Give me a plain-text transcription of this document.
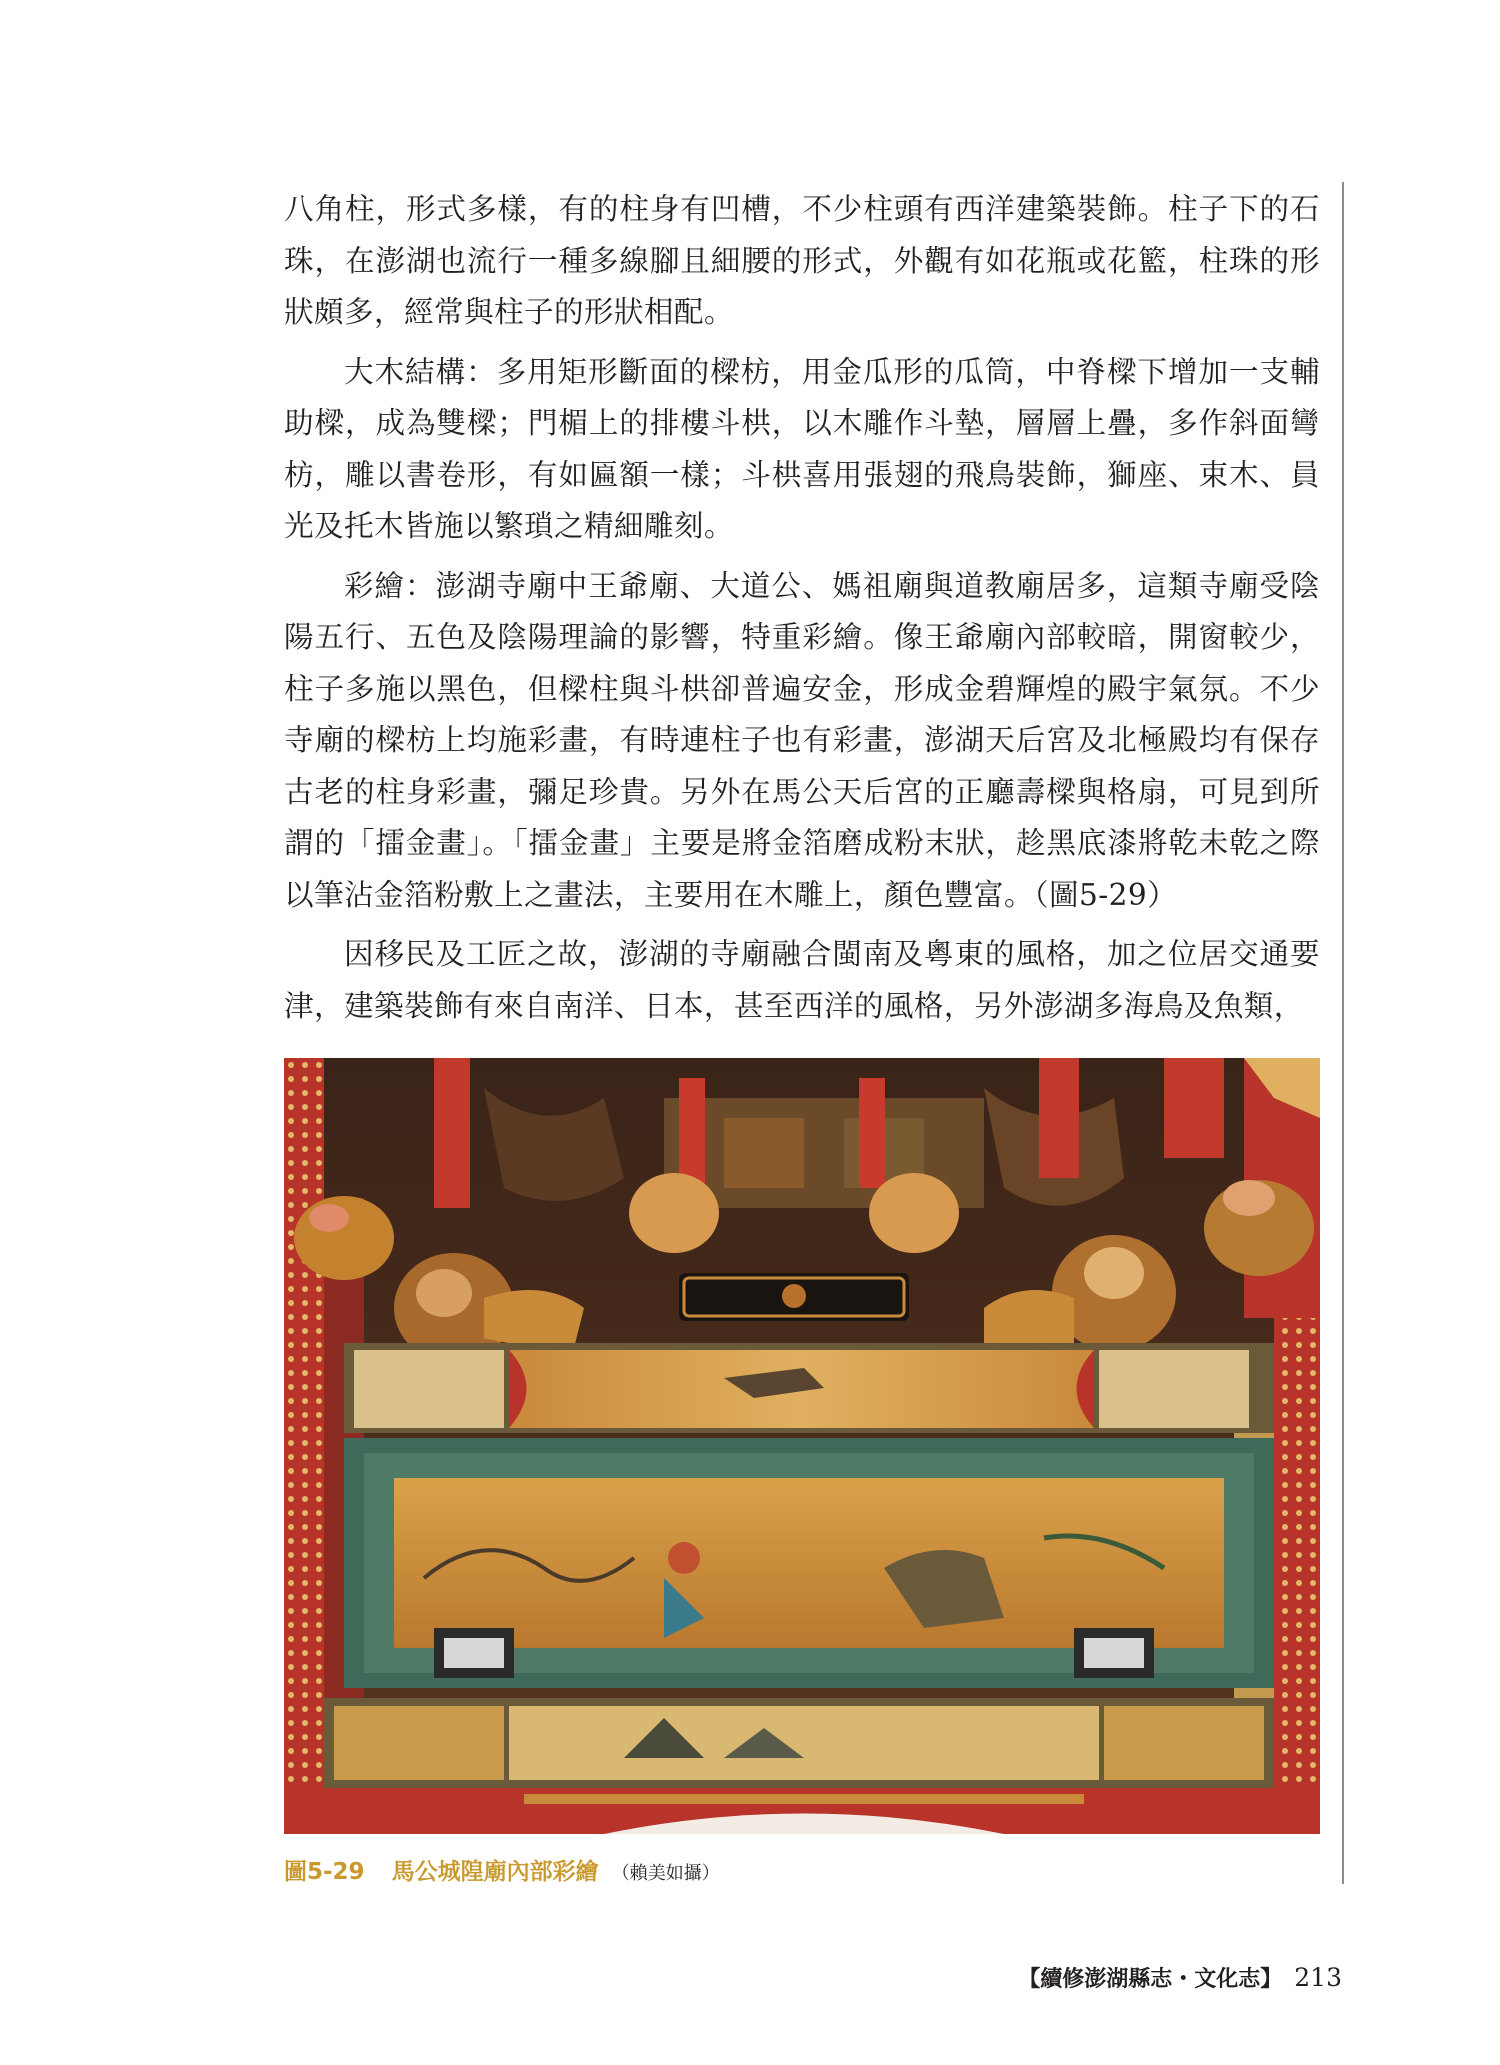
八角柱，形式多樣，有的柱身有凹槽，不少柱頭有西洋建築裝飾。柱子下的石珠，在澎湖也流行一種多線腳且細腰的形式，外觀有如花瓶或花籃，柱珠的形狀頗多，經常與柱子的形狀相配。

大木結構：多用矩形斷面的樑枋，用金瓜形的瓜筒，中脊樑下增加一支輔助樑，成為雙樑；門楣上的排樓斗栱，以木雕作斗墊，層層上疊，多作斜面彎枋，雕以書卷形，有如匾額一樣；斗栱喜用張翅的飛鳥裝飾，獅座、束木、員光及托木皆施以繁瑣之精細雕刻。

彩繪：澎湖寺廟中王爺廟、大道公、媽祖廟與道教廟居多，這類寺廟受陰陽五行、五色及陰陽理論的影響，特重彩繪。像王爺廟內部較暗，開窗較少，柱子多施以黑色，但樑柱與斗栱卻普遍安金，形成金碧輝煌的殿宇氣氛。不少寺廟的樑枋上均施彩畫，有時連柱子也有彩畫，澎湖天后宮及北極殿均有保存古老的柱身彩畫，彌足珍貴。另外在馬公天后宮的正廳壽樑與格扇，可見到所謂的「擂金畫」。「擂金畫」主要是將金箔磨成粉末狀，趁黑底漆將乾未乾之際以筆沾金箔粉敷上之畫法，主要用在木雕上，顏色豐富。（圖5-29）

因移民及工匠之故，澎湖的寺廟融合閩南及粵東的風格，加之位居交通要津，建築裝飾有來自南洋、日本，甚至西洋的風格，另外澎湖多海鳥及魚類，

圖5-29 馬公城隍廟內部彩繪 （賴美如攝）
【續修澎湖縣志・文化志】 213
